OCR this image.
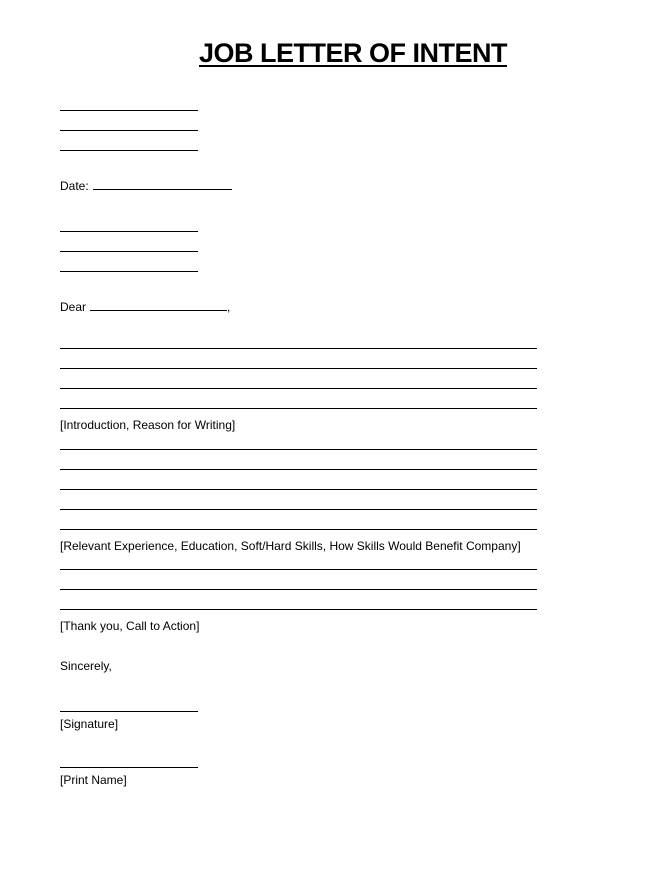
JOB LETTER OF INTENT
Date:
Dear	,
[Introduction, Reason for Writing]
[Relevant Experience, Education, Soft/Hard Skills, How Skills Would Benefit Company]
[Thank you, Call to Action]
Sincerely,
[Signature]
[Print Name]
